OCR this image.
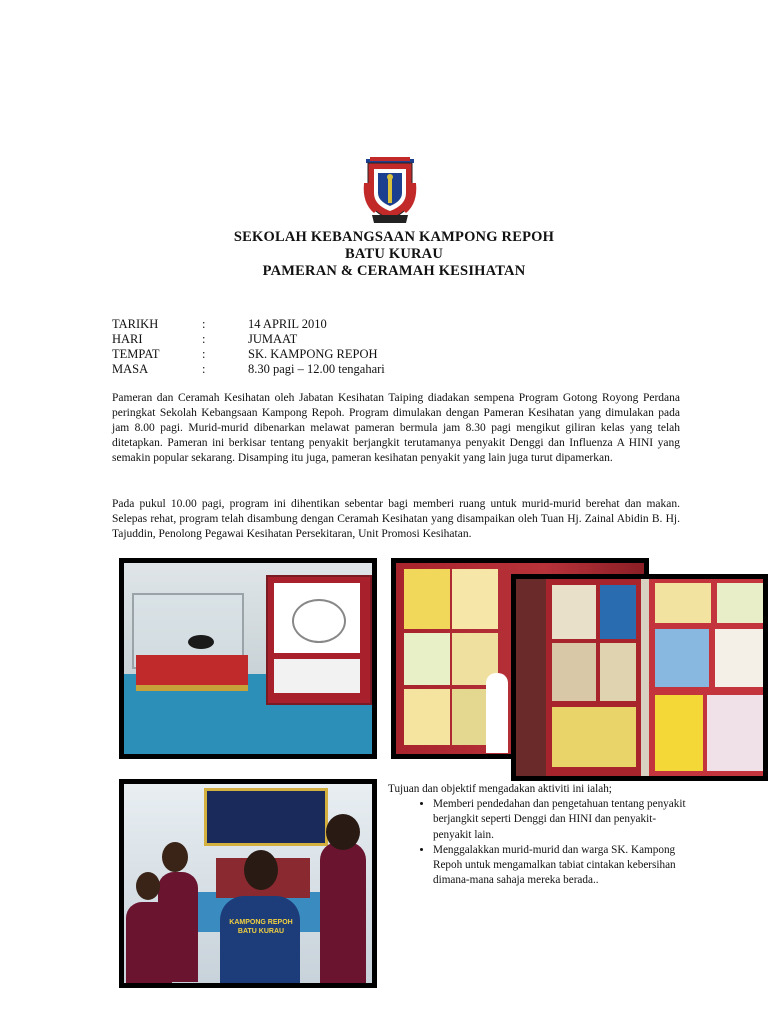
SEKOLAH KEBANGSAAN KAMPONG REPOH
BATU KURAU
PAMERAN & CERAMAH KESIHATAN
TARIKH	:	14 APRIL 2010
HARI	:	JUMAAT
TEMPAT	:	SK. KAMPONG REPOH
MASA	:	8.30 pagi – 12.00 tengahari
Pameran dan Ceramah Kesihatan oleh Jabatan Kesihatan Taiping diadakan sempena Program Gotong Royong Perdana peringkat Sekolah Kebangsaan Kampong Repoh. Program dimulakan dengan Pameran Kesihatan yang dimulakan pada jam 8.00 pagi. Murid-murid dibenarkan melawat pameran bermula jam 8.30 pagi mengikut giliran kelas yang telah ditetapkan. Pameran ini berkisar tentang penyakit berjangkit terutamanya penyakit Denggi dan Influenza A HINI yang semakin popular sekarang. Disamping itu juga, pameran kesihatan penyakit yang lain juga turut dipamerkan.
Pada pukul 10.00 pagi, program ini dihentikan sebentar bagi memberi ruang untuk murid-murid berehat dan makan. Selepas rehat, program telah disambung dengan Ceramah Kesihatan yang disampaikan oleh Tuan Hj. Zainal Abidin B. Hj. Tajuddin, Penolong Pegawai Kesihatan Persekitaran, Unit Promosi Kesihatan.
KAMPONG REPOH
BATU KURAU
Tujuan dan objektif mengadakan aktiviti ini ialah;
• Memberi pendedahan dan pengetahuan tentang penyakit berjangkit seperti Denggi dan HINI dan penyakit-penyakit lain.
• Menggalakkan murid-murid dan warga SK. Kampong Repoh untuk mengamalkan tabiat cintakan kebersihan dimana-mana sahaja mereka berada..
